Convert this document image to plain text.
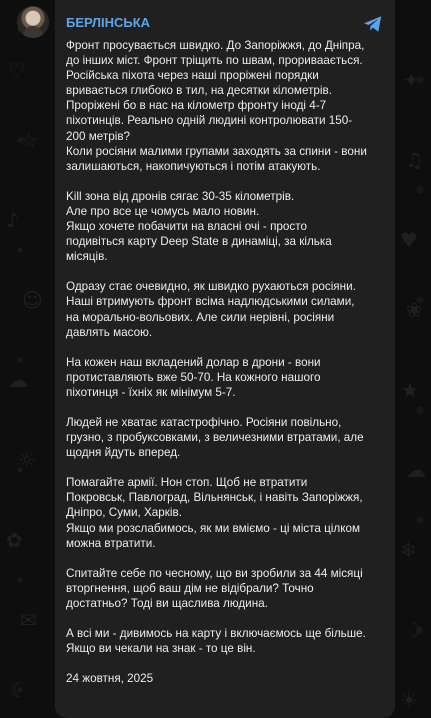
♡
☆
♪
☺
☁
☼
✿
✉
☾
✦
♫
♥
❀
★
☁
❄
☽
☀
БЕРЛІНСЬКА
Фронт просувається швидко. До Запоріжжя, до Дніпра,
до інших міст. Фронт тріщить по швам, прориваається.
Російська піхота через наші проріжені порядки
вривається глибоко в тил, на десятки кілометрів.
Проріжені бо в нас на кілометр фронту іноді 4-7
піхотинців. Реально одній людині контролювати 150-
200 метрів?
Коли росіяни малими групами заходять за спини - вони
залишаються, накопичуються і потім атакують.
Kill зона від дронів сягає 30-35 кілометрів.
Але про все це чомусь мало новин.
Якщо хочете побачити на власні очі - просто
подивіться карту Deep State в динаміці, за кілька
місяців.
Одразу стає очевидно, як швидко рухаються росіяни.
Наші втримують фронт всіма надлюдськими силами,
на морально-вольових. Але сили нерівні, росіяни
давлять масою.
На кожен наш вкладений долар в дрони - вони
протиставляють вже 50-70. На кожного нашого
піхотинця - їхніх як мінімум 5-7.
Людей не хватає катастрофічно. Росіяни повільно,
грузно, з пробуксовками, з величезними втратами, але
щодня йдуть вперед.
Помагайте армії. Нон стоп. Щоб не втратити
Покровськ, Павлоград, Вільнянськ, і навіть Запоріжжя,
Дніпро, Суми, Харків.
Якщо ми розслабимось, як ми вміємо - ці міста цілком
можна втратити.
Спитайте себе по чесному, що ви зробили за 44 місяці
вторгнення, щоб ваш дім не відібрали? Точно
достатньо? Тоді ви щаслива людина.
А всі ми - дивимось на карту і включаємось ще більше.
Якщо ви чекали на знак - то це він.
24 жовтня, 2025
